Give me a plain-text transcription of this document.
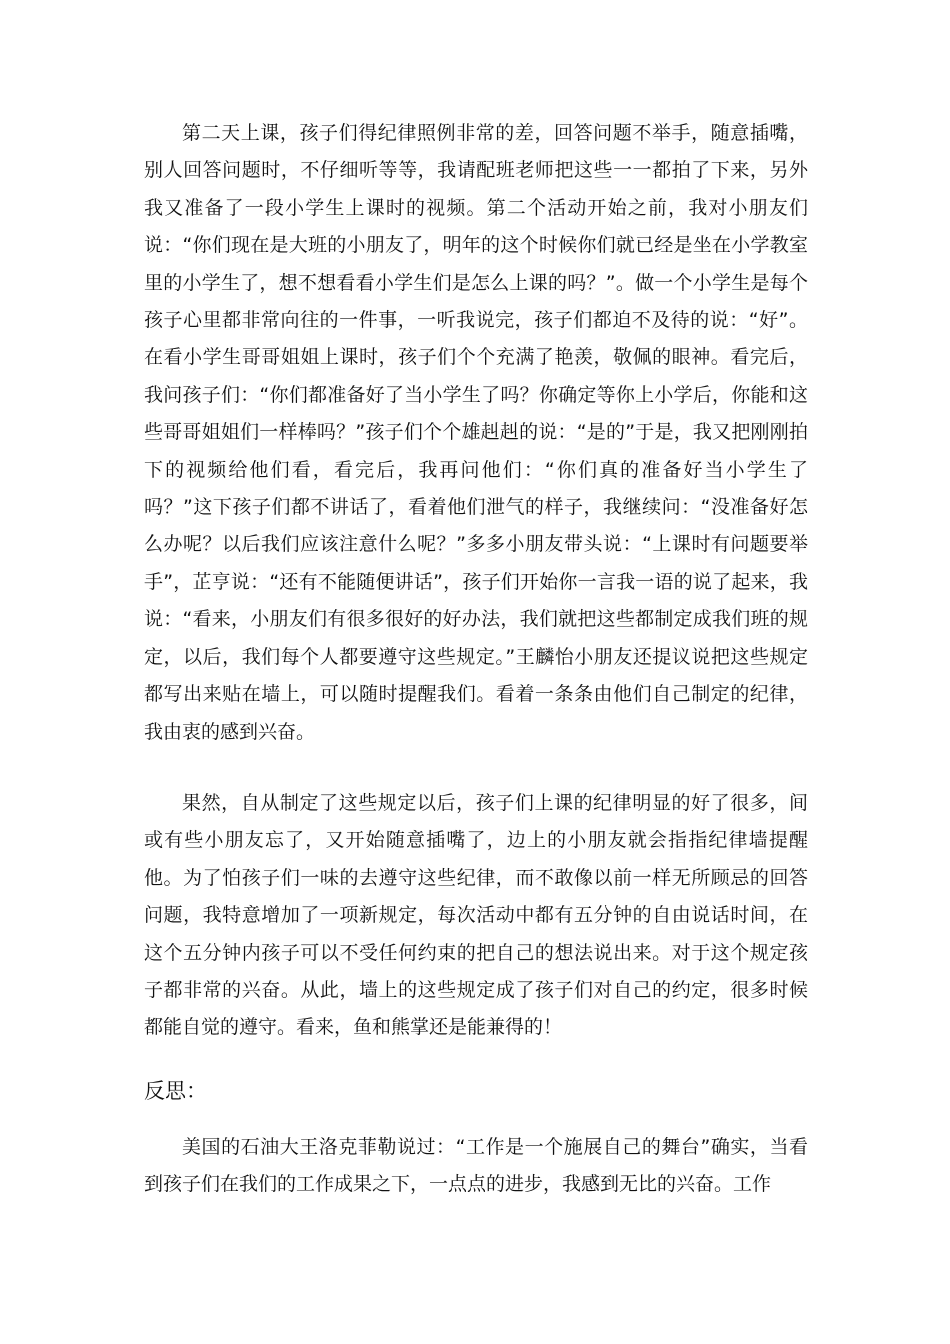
第二天上课，孩子们得纪律照例非常的差，回答问题不举手，随意插嘴，别人回答问题时，不仔细听等等，我请配班老师把这些一一都拍了下来，另外我又准备了一段小学生上课时的视频。第二个活动开始之前，我对小朋友们说：“你们现在是大班的小朋友了，明年的这个时候你们就已经是坐在小学教室里的小学生了，想不想看看小学生们是怎么上课的吗？”。做一个小学生是每个孩子心里都非常向往的一件事，一听我说完，孩子们都迫不及待的说：“好”。在看小学生哥哥姐姐上课时，孩子们个个充满了艳羡，敬佩的眼神。看完后，我问孩子们：“你们都准备好了当小学生了吗？你确定等你上小学后，你能和这些哥哥姐姐们一样棒吗？”孩子们个个雄赳赳的说：“是的”于是，我又把刚刚拍下的视频给他们看，看完后，我再问他们：“你们真的准备好当小学生了吗？”这下孩子们都不讲话了，看着他们泄气的样子，我继续问：“没准备好怎么办呢？以后我们应该注意什么呢？”多多小朋友带头说：“上课时有问题要举手”，芷亨说：“还有不能随便讲话”，孩子们开始你一言我一语的说了起来，我说：“看来，小朋友们有很多很好的好办法，我们就把这些都制定成我们班的规定，以后，我们每个人都要遵守这些规定。”王麟怡小朋友还提议说把这些规定都写出来贴在墙上，可以随时提醒我们。看着一条条由他们自己制定的纪律，我由衷的感到兴奋。

果然，自从制定了这些规定以后，孩子们上课的纪律明显的好了很多，间或有些小朋友忘了，又开始随意插嘴了，边上的小朋友就会指指纪律墙提醒他。为了怕孩子们一味的去遵守这些纪律，而不敢像以前一样无所顾忌的回答问题，我特意增加了一项新规定，每次活动中都有五分钟的自由说话时间，在这个五分钟内孩子可以不受任何约束的把自己的想法说出来。对于这个规定孩子都非常的兴奋。从此，墙上的这些规定成了孩子们对自己的约定，很多时候都能自觉的遵守。看来，鱼和熊掌还是能兼得的！

反思：

美国的石油大王洛克菲勒说过：“工作是一个施展自己的舞台”确实，当看到孩子们在我们的工作成果之下，一点点的进步，我感到无比的兴奋。工作
